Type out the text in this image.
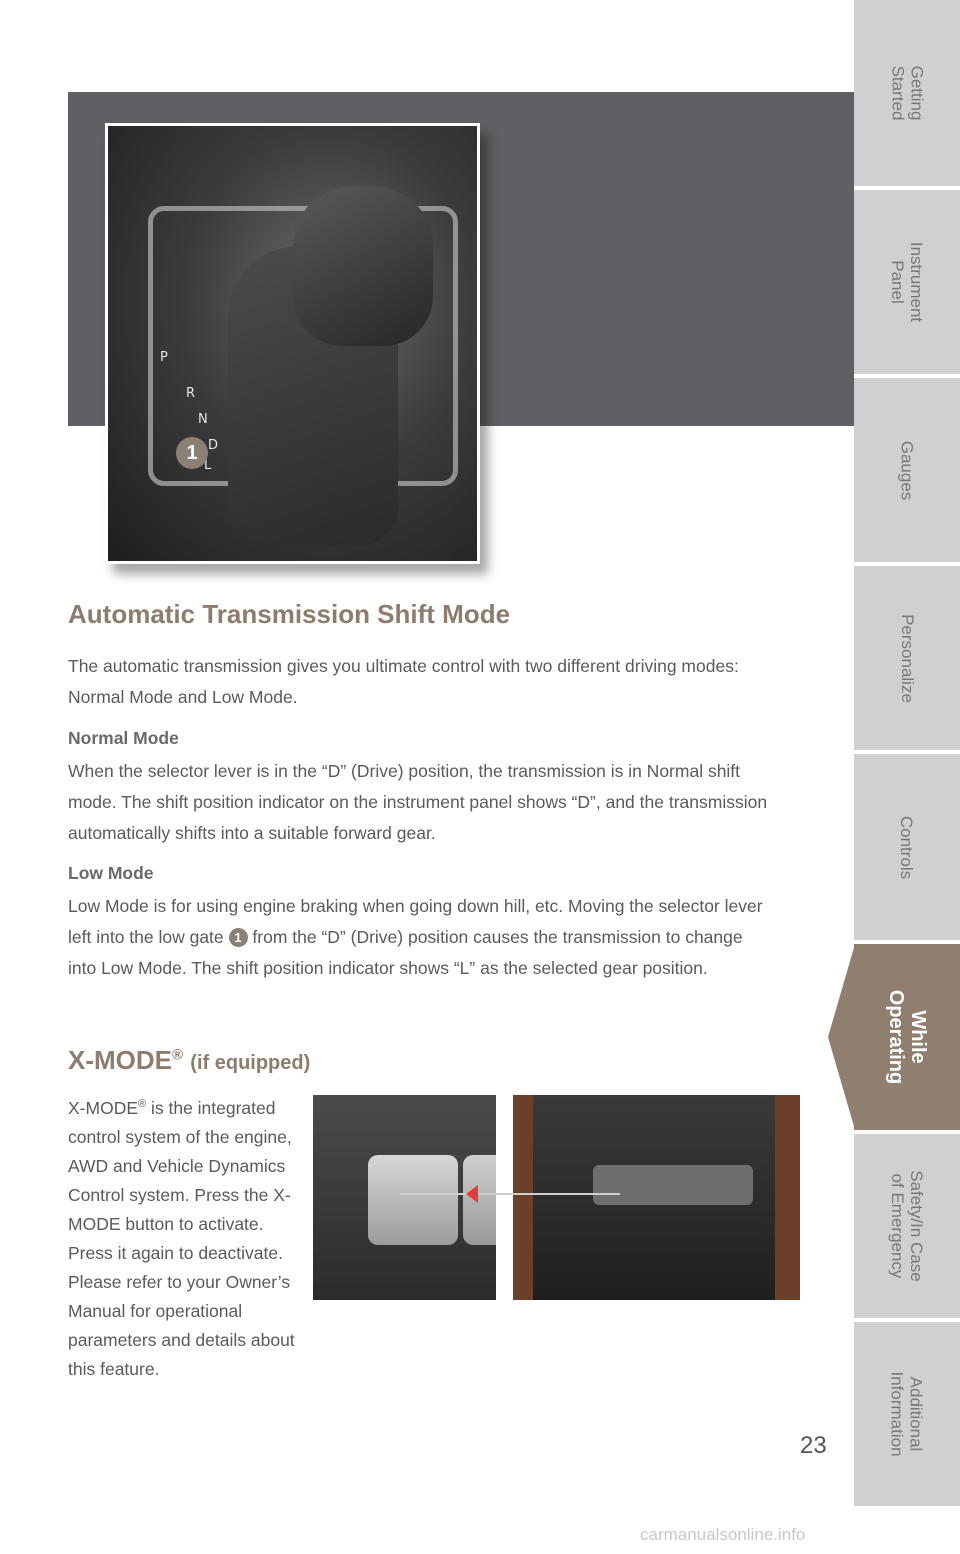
P
R
N
D
L
1
Automatic Transmission Shift Mode

The automatic transmission gives you ultimate control with two different driving modes: Normal Mode and Low Mode.

Normal Mode

When the selector lever is in the “D” (Drive) position, the transmission is in Normal shift mode. The shift position indicator on the instrument panel shows “D”, and the transmission automatically shifts into a suitable forward gear.

Low Mode

Low Mode is for using engine braking when going down hill, etc. Moving the selector lever left into the low gate 1 from the “D” (Drive) position causes the transmission to change into Low Mode. The shift position indicator shows “L” as the selected gear position.

X-MODE® (if equipped)

X-MODE® is the integrated control system of the engine, AWD and Vehicle Dynamics Control system. Press the X-MODE button to activate. Press it again to deactivate. Please refer to your Owner’s Manual for operational parameters and details about this feature.

23
Getting
Started
Instrument
Panel
Gauges
Personalize
Controls
While
Operating
Safety/In Case
of Emergency
Additional
Information
carmanualsonline.info
